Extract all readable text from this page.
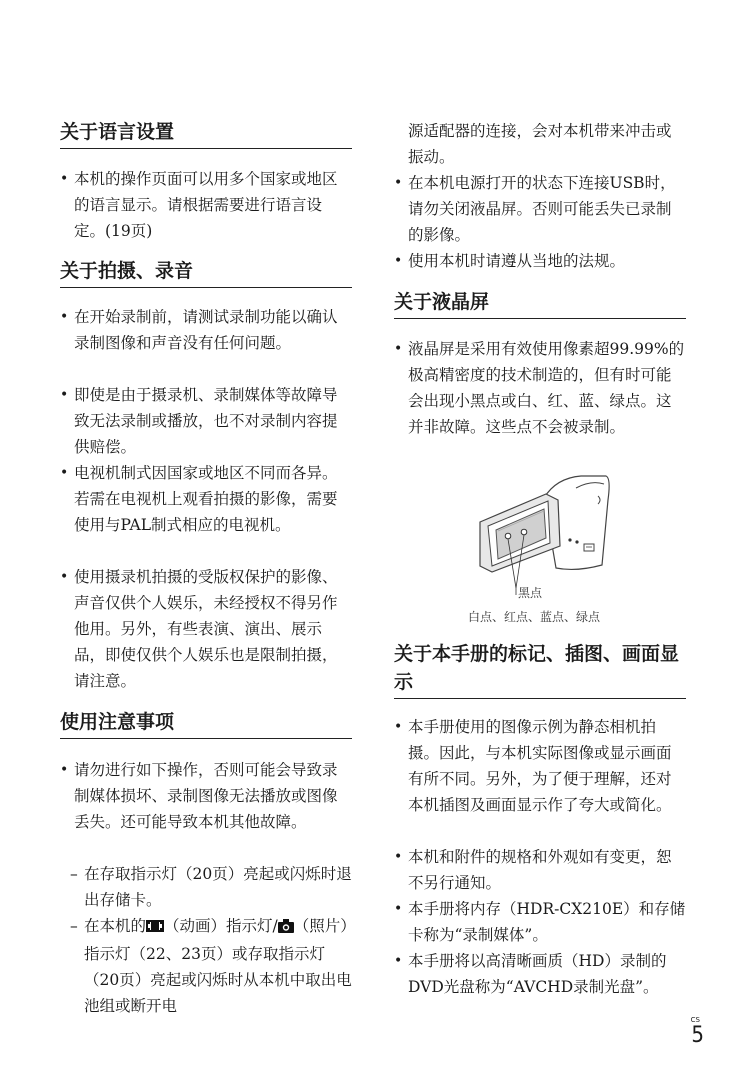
关于语言设置
• 本机的操作页面可以用多个国家或地区的语言显示。请根据需要进行语言设定。(19页)
关于拍摄、录音
• 在开始录制前，请测试录制功能以确认录制图像和声音没有任何问题。
• 即使是由于摄录机、录制媒体等故障导致无法录制或播放，也不对录制内容提供赔偿。
• 电视机制式因国家或地区不同而各异。若需在电视机上观看拍摄的影像，需要使用与PAL制式相应的电视机。
• 使用摄录机拍摄的受版权保护的影像、声音仅供个人娱乐，未经授权不得另作他用。另外，有些表演、演出、展示品，即使仅供个人娱乐也是限制拍摄，请注意。
使用注意事项
• 请勿进行如下操作，否则可能会导致录制媒体损坏、录制图像无法播放或图像丢失。还可能导致本机其他故障。
– 在存取指示灯（20页）亮起或闪烁时退出存储卡。
– 在本机的 （动画）指示灯/ （照片）指示灯（22、23页）或存取指示灯（20页）亮起或闪烁时从本机中取出电池组或断开电
源适配器的连接，会对本机带来冲击或振动。
• 在本机电源打开的状态下连接USB时，请勿关闭液晶屏。否则可能丢失已录制的影像。
• 使用本机时请遵从当地的法规。
关于液晶屏
• 液晶屏是采用有效使用像素超99.99%的极高精密度的技术制造的，但有时可能会出现小黑点或白、红、蓝、绿点。这并非故障。这些点不会被录制。
关于本手册的标记、插图、画面显示
• 本手册使用的图像示例为静态相机拍摄。因此，与本机实际图像或显示画面有所不同。另外，为了便于理解，还对本机插图及画面显示作了夸大或简化。
• 本机和附件的规格和外观如有变更，恕不另行通知。
• 本手册将内存（HDR-CX210E）和存储卡称为“录制媒体”。
• 本手册将以高清晰画质（HD）录制的DVD光盘称为“AVCHD录制光盘”。
黑点
白点、红点、蓝点、绿点
CS
5
